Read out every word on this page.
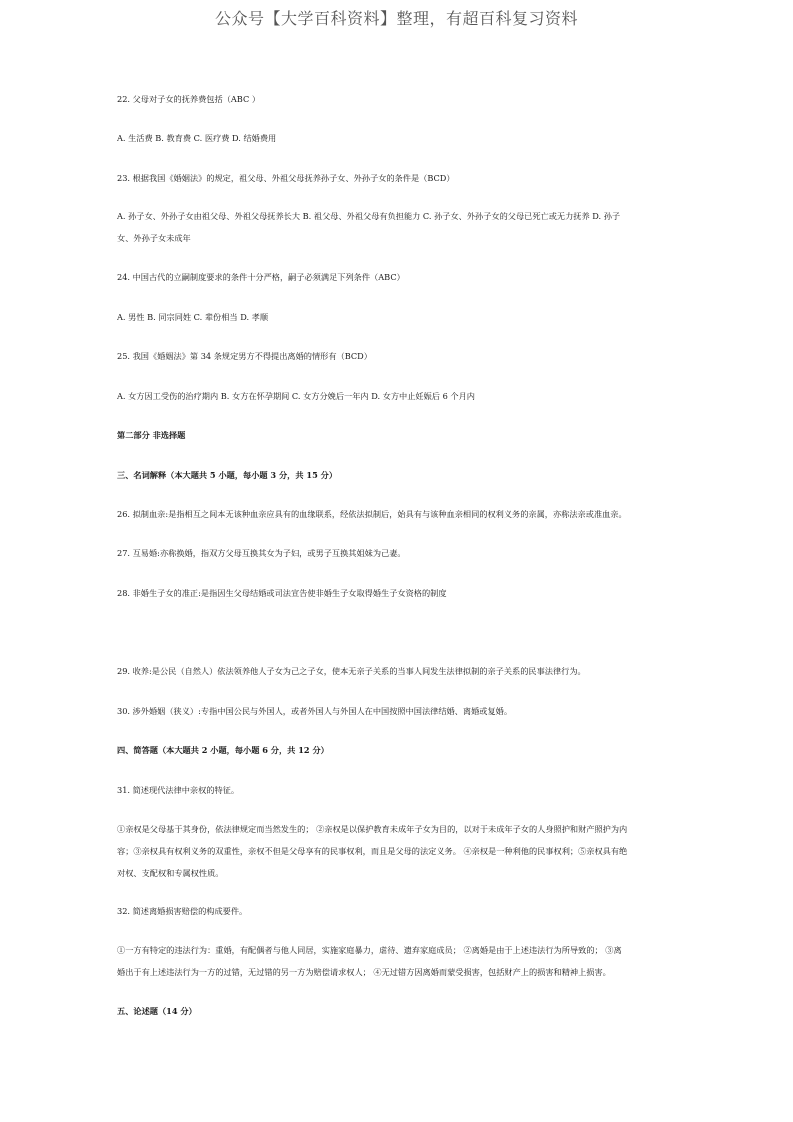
公众号【大学百科资料】整理，有超百科复习资料
22. 父母对子女的抚养费包括（ABC ）
A. 生活费 B. 教育费 C. 医疗费 D. 结婚费用
23. 根据我国《婚姻法》的规定，祖父母、外祖父母抚养孙子女、外孙子女的条件是（BCD）
A. 孙子女、外孙子女由祖父母、外祖父母抚养长大 B. 祖父母、外祖父母有负担能力 C. 孙子女、外孙子女的父母已死亡或无力抚养 D. 孙子
女、外孙子女未成年
24. 中国古代的立嗣制度要求的条件十分严格，嗣子必须满足下列条件（ABC）
A. 男性 B. 同宗同姓 C. 辈份相当 D. 孝顺
25. 我国《婚姻法》第 34 条规定男方不得提出离婚的情形有（BCD）
A. 女方因工受伤的治疗期内 B. 女方在怀孕期间 C. 女方分娩后一年内 D. 女方中止妊娠后 6 个月内
第二部分 非选择题
三、名词解释（本大题共 5 小题，每小题 3 分，共 15 分）
26. 拟制血亲:是指相互之间本无该种血亲应具有的血缘联系，经依法拟制后，始具有与该种血亲相同的权利义务的亲属，亦称法亲或准血亲。
27. 互易婚:亦称换婚，指双方父母互换其女为子妇，或男子互换其姐妹为己妻。
28. 非婚生子女的准正:是指因生父母结婚或司法宣告使非婚生子女取得婚生子女资格的制度
29. 收养:是公民（自然人）依法领养他人子女为己之子女，使本无亲子关系的当事人间发生法律拟制的亲子关系的民事法律行为。
30. 涉外婚姻（狭义）:专指中国公民与外国人，或者外国人与外国人在中国按照中国法律结婚、离婚或复婚。
四、简答题（本大题共 2 小题，每小题 6 分，共 12 分）
31. 简述现代法律中亲权的特征。
①亲权是父母基于其身份，依法律规定而当然发生的； ②亲权是以保护教育未成年子女为目的，以对于未成年子女的人身照护和财产照护为内
容；③亲权具有权利义务的双重性，亲权不但是父母享有的民事权利，而且是父母的法定义务。 ④亲权是一种利他的民事权利；⑤亲权具有绝
对权、支配权和专属权性质。
32. 简述离婚损害赔偿的构成要件。
①一方有特定的违法行为：重婚，有配偶者与他人同居，实施家庭暴力，虐待、遗弃家庭成员； ②离婚是由于上述违法行为所导致的； ③离
婚出于有上述违法行为一方的过错，无过错的另一方为赔偿请求权人； ④无过错方因离婚而蒙受损害，包括财产上的损害和精神上损害。
五、论述题（14 分）
